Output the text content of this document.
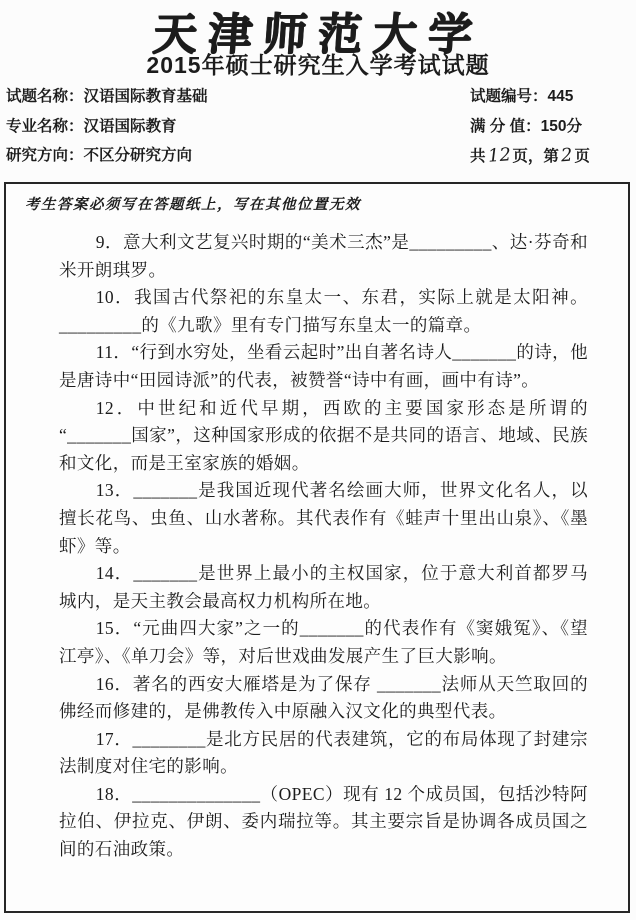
天津师范大学
2015年硕士研究生入学考试试题
试题名称：汉语国际教育基础
专业名称：汉语国际教育
研究方向：不区分研究方向
试题编号：445
满 分 值：150分
共12页，第2页
考生答案必须写在答题纸上，写在其他位置无效

9．意大利文艺复兴时期的“美术三杰”是_________、达·芬奇和米开朗琪罗。

10．我国古代祭祀的东皇太一、东君，实际上就是太阳神。_________的《九歌》里有专门描写东皇太一的篇章。

11．“行到水穷处，坐看云起时”出自著名诗人_______的诗，他是唐诗中“田园诗派”的代表，被赞誉“诗中有画，画中有诗”。

12．中世纪和近代早期，西欧的主要国家形态是所谓的“_______国家”，这种国家形成的依据不是共同的语言、地域、民族和文化，而是王室家族的婚姻。

13．_______是我国近现代著名绘画大师，世界文化名人，以擅长花鸟、虫鱼、山水著称。其代表作有《蛙声十里出山泉》、《墨虾》等。

14．_______是世界上最小的主权国家，位于意大利首都罗马城内，是天主教会最高权力机构所在地。

15．“元曲四大家”之一的_______的代表作有《窦娥冤》、《望江亭》、《单刀会》等，对后世戏曲发展产生了巨大影响。

16．著名的西安大雁塔是为了保存 _______法师从天竺取回的佛经而修建的，是佛教传入中原融入汉文化的典型代表。

17．________是北方民居的代表建筑，它的布局体现了封建宗法制度对住宅的影响。

18．______________（OPEC）现有 12 个成员国，包括沙特阿拉伯、伊拉克、伊朗、委内瑞拉等。其主要宗旨是协调各成员国之间的石油政策。
